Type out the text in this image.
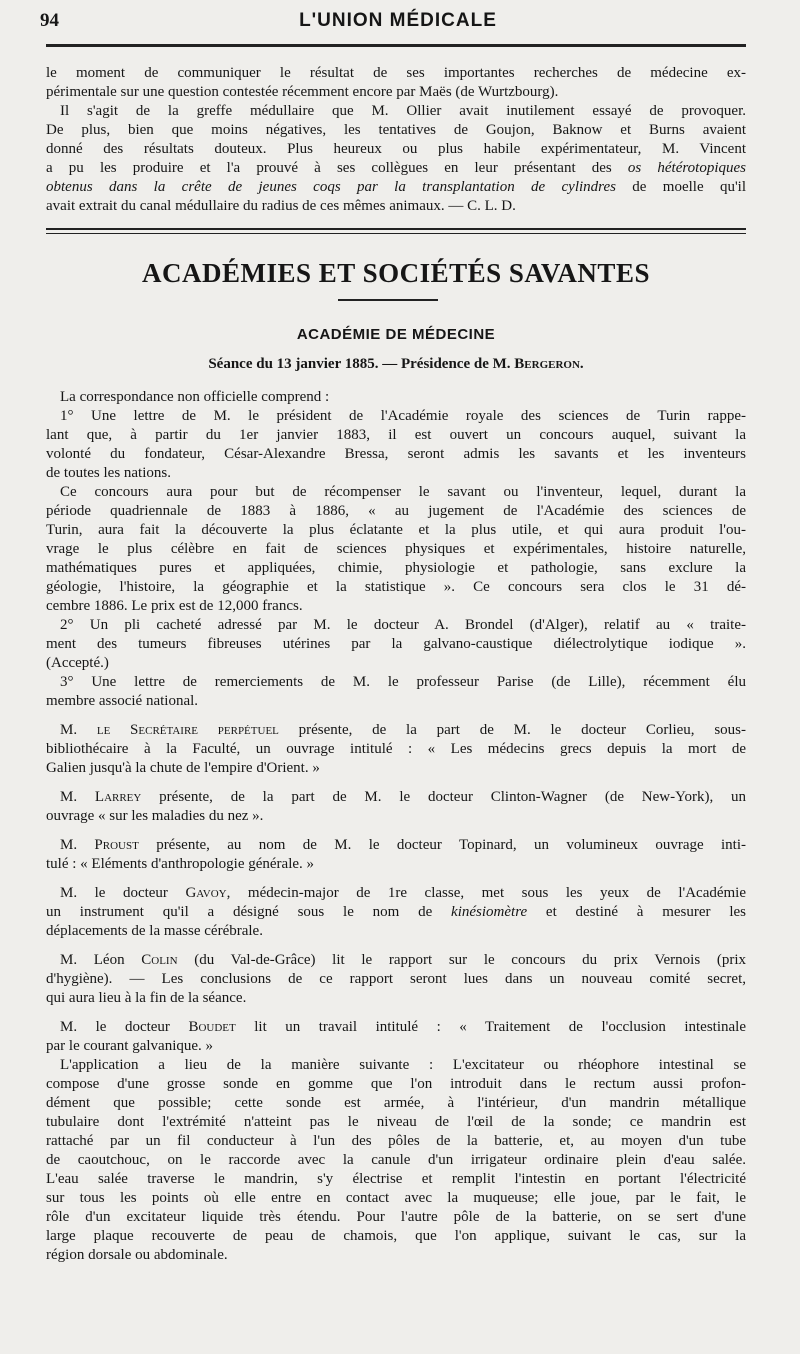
94	L'UNION MÉDICALE
le moment de communiquer le résultat de ses importantes recherches de médecine ex-
périmentale sur une question contestée récemment encore par Maës (de Wurtzbourg).
Il s'agit de la greffe médullaire que M. Ollier avait inutilement essayé de provoquer.
De plus, bien que moins négatives, les tentatives de Goujon, Baknow et Burns avaient
donné des résultats douteux. Plus heureux ou plus habile expérimentateur, M. Vincent
a pu les produire et l'a prouvé à ses collègues en leur présentant des os hétérotopiques
obtenus dans la crête de jeunes coqs par la transplantation de cylindres de moelle qu'il
avait extrait du canal médullaire du radius de ces mêmes animaux. — C. L. D.
ACADÉMIES ET SOCIÉTÉS SAVANTES
ACADÉMIE DE MÉDECINE
Séance du 13 janvier 1885. — Présidence de M. Bergeron.
La correspondance non officielle comprend :
1° Une lettre de M. le président de l'Académie royale des sciences de Turin rappe-
lant que, à partir du 1er janvier 1883, il est ouvert un concours auquel, suivant la
volonté du fondateur, César-Alexandre Bressa, seront admis les savants et les inventeurs
de toutes les nations.
Ce concours aura pour but de récompenser le savant ou l'inventeur, lequel, durant la
période quadriennale de 1883 à 1886, « au jugement de l'Académie des sciences de
Turin, aura fait la découverte la plus éclatante et la plus utile, et qui aura produit l'ou-
vrage le plus célèbre en fait de sciences physiques et expérimentales, histoire naturelle,
mathématiques pures et appliquées, chimie, physiologie et pathologie, sans exclure la
géologie, l'histoire, la géographie et la statistique ». Ce concours sera clos le 31 dé-
cembre 1886. Le prix est de 12,000 francs.
2° Un pli cacheté adressé par M. le docteur A. Brondel (d'Alger), relatif au « traite-
ment des tumeurs fibreuses utérines par la galvano-caustique diélectrolytique iodique ».
(Accepté.)
3° Une lettre de remerciements de M. le professeur Parise (de Lille), récemment élu
membre associé national.
M. le Secrétaire perpétuel présente, de la part de M. le docteur Corlieu, sous-
bibliothécaire à la Faculté, un ouvrage intitulé : « Les médecins grecs depuis la mort de
Galien jusqu'à la chute de l'empire d'Orient. »
M. Larrey présente, de la part de M. le docteur Clinton-Wagner (de New-York), un
ouvrage « sur les maladies du nez ».
M. Proust présente, au nom de M. le docteur Topinard, un volumineux ouvrage inti-
tulé : « Eléments d'anthropologie générale. »
M. le docteur Gavoy, médecin-major de 1re classe, met sous les yeux de l'Académie
un instrument qu'il a désigné sous le nom de kinésiomètre et destiné à mesurer les
déplacements de la masse cérébrale.
M. Léon Colin (du Val-de-Grâce) lit le rapport sur le concours du prix Vernois (prix
d'hygiène). — Les conclusions de ce rapport seront lues dans un nouveau comité secret,
qui aura lieu à la fin de la séance.
M. le docteur Boudet lit un travail intitulé : « Traitement de l'occlusion intestinale
par le courant galvanique. »
L'application a lieu de la manière suivante : L'excitateur ou rhéophore intestinal se
compose d'une grosse sonde en gomme que l'on introduit dans le rectum aussi profon-
dément que possible; cette sonde est armée, à l'intérieur, d'un mandrin métallique
tubulaire dont l'extrémité n'atteint pas le niveau de l'œil de la sonde; ce mandrin est
rattaché par un fil conducteur à l'un des pôles de la batterie, et, au moyen d'un tube
de caoutchouc, on le raccorde avec la canule d'un irrigateur ordinaire plein d'eau salée.
L'eau salée traverse le mandrin, s'y électrise et remplit l'intestin en portant l'électricité
sur tous les points où elle entre en contact avec la muqueuse; elle joue, par le fait, le
rôle d'un excitateur liquide très étendu. Pour l'autre pôle de la batterie, on se sert d'une
large plaque recouverte de peau de chamois, que l'on applique, suivant le cas, sur la
région dorsale ou abdominale.
